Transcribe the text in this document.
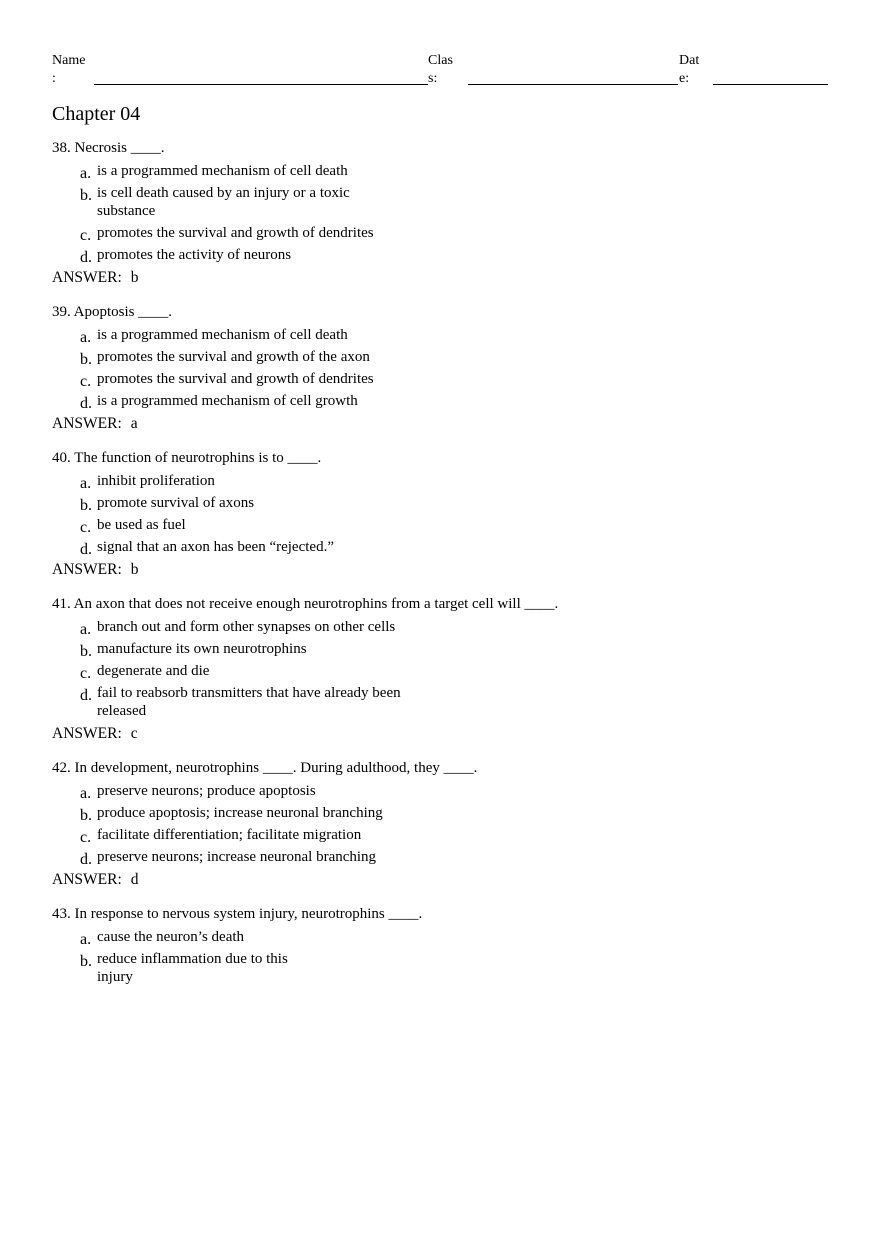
Name
:
Clas
s:
Dat
e:
Chapter 04
38. Necrosis ____.
a. is a programmed mechanism of cell death
b. is cell death caused by an injury or a toxic
substance
c. promotes the survival and growth of dendrites
d. promotes the activity of neurons
ANSWER: b
39. Apoptosis ____.
a. is a programmed mechanism of cell death
b. promotes the survival and growth of the axon
c. promotes the survival and growth of dendrites
d. is a programmed mechanism of cell growth
ANSWER: a
40. The function of neurotrophins is to ____.
a. inhibit proliferation
b. promote survival of axons
c. be used as fuel
d. signal that an axon has been “rejected.”
ANSWER: b
41. An axon that does not receive enough neurotrophins from a target cell will ____.
a. branch out and form other synapses on other cells
b. manufacture its own neurotrophins
c. degenerate and die
d. fail to reabsorb transmitters that have already been
released
ANSWER: c
42. In development, neurotrophins ____. During adulthood, they ____.
a. preserve neurons; produce apoptosis
b. produce apoptosis; increase neuronal branching
c. facilitate differentiation; facilitate migration
d. preserve neurons; increase neuronal branching
ANSWER: d
43. In response to nervous system injury, neurotrophins ____.
a. cause the neuron’s death
b. reduce inflammation due to this
injury
